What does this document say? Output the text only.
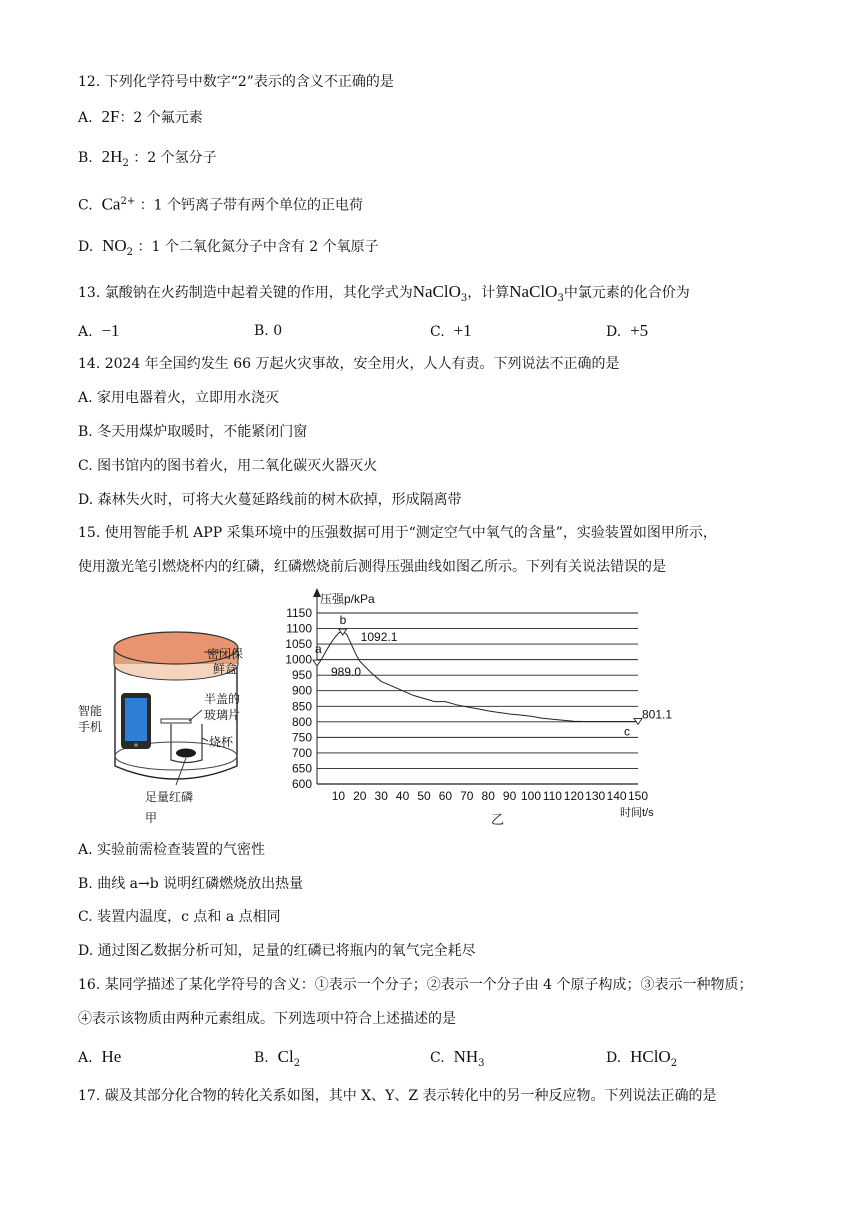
12. 下列化学符号中数字“2”表示的含义不正确的是
A. 2F：2 个氟元素
B. $2H_2$ ：2 个氢分子
C. $Ca^{2+}$ ：1 个钙离子带有两个单位的正电荷
D. $NO_2$ ：1 个二氧化氮分子中含有 2 个氧原子
13. 氯酸钠在火药制造中起着关键的作用，其化学式为NaClO$_3$，计算NaClO$_3$中氯元素的化合价为
A. −1	B. 0	C. +1	D. +5
14. 2024 年全国约发生 66 万起火灾事故，安全用火，人人有责。下列说法不正确的是
A. 家用电器着火，立即用水浇灭
B. 冬天用煤炉取暖时，不能紧闭门窗
C. 图书馆内的图书着火，用二氧化碳灭火器灭火
D. 森林失火时，可将大火蔓延路线前的树木砍掉，形成隔离带
15. 使用智能手机 APP 采集环境中的压强数据可用于“测定空气中氧气的含量”，实验装置如图甲所示，
使用激光笔引燃烧杯内的红磷，红磷燃烧前后测得压强曲线如图乙所示。下列有关说法错误的是
密闭保
鲜盒
智能
手机
半盖的
玻璃片
烧杯
足量红磷
甲
压强p/kPa
600
650
700
750
800
850
900
950
1000
1050
1100
1150
10 20 30 40 50 60 70 80 90 100 110 120 130 140 150
a
989.0
b
1092.1
c
801.1
时间t/s
乙
A. 实验前需检查装置的气密性
B. 曲线 a→b 说明红磷燃烧放出热量
C. 装置内温度，c 点和 a 点相同
D. 通过图乙数据分析可知，足量的红磷已将瓶内的氧气完全耗尽
16. 某同学描述了某化学符号的含义：①表示一个分子；②表示一个分子由 4 个原子构成；③表示一种物质；
④表示该物质由两种元素组成。下列选项中符合上述描述的是
A. He	B. $Cl_2$	C. $NH_3$	D. HClO$_2$
17. 碳及其部分化合物的转化关系如图，其中 X、Y、Z 表示转化中的另一种反应物。下列说法正确的是
